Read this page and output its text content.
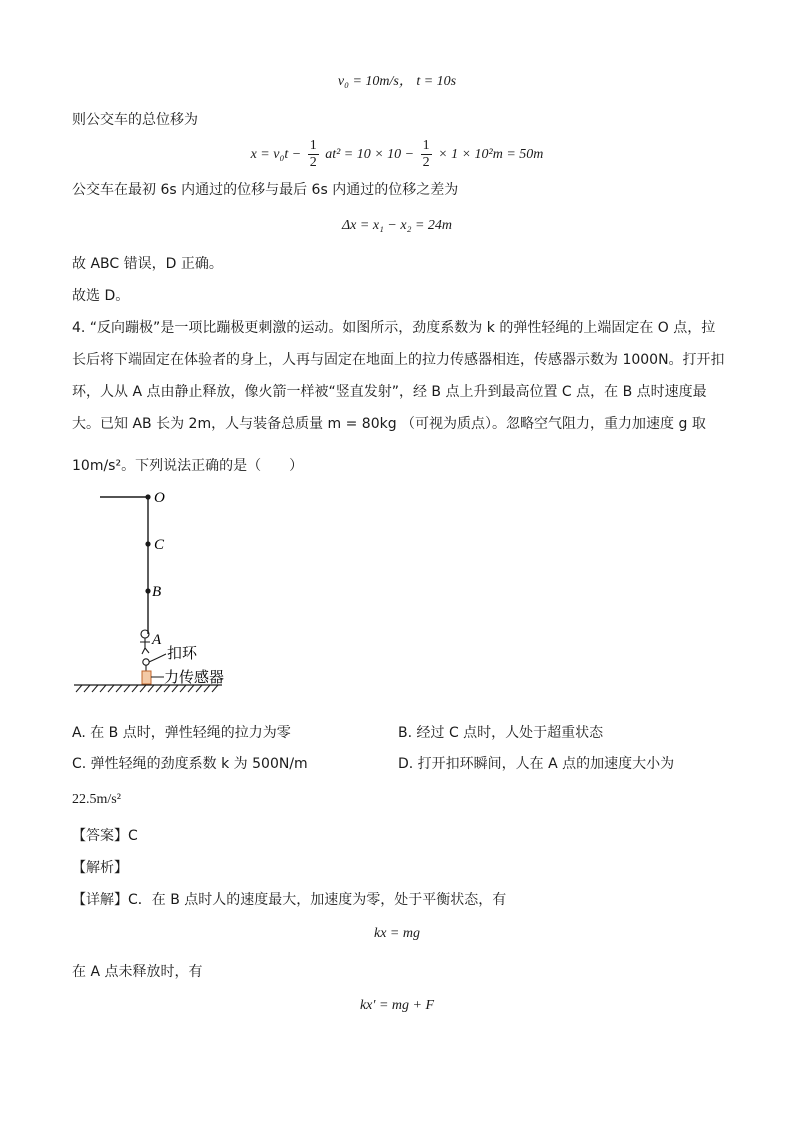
v₀ = 10m/s， t = 10s
则公交车的总位移为
$x = v_0t - \frac{1}{2} at^2 = 10 \times 10 - \frac{1}{2} \times 1 \times 10^2m = 50m$
公交车在最初 6s 内通过的位移与最后 6s 内通过的位移之差为
Δx = x₁ − x₂ = 24m
故 ABC 错误，D 正确。
故选 D。
4. “反向蹦极”是一项比蹦极更刺激的运动。如图所示，劲度系数为 k 的弹性轻绳的上端固定在 O 点，拉
长后将下端固定在体验者的身上，人再与固定在地面上的拉力传感器相连，传感器示数为 1000N。打开扣
环，人从 A 点由静止释放，像火箭一样被“竖直发射”，经 B 点上升到最高位置 C 点，在 B 点时速度最
大。已知 AB 长为 2m，人与装备总质量 m = 80kg （可视为质点）。忽略空气阻力，重力加速度 g 取
10m/s²。下列说法正确的是（　　）
O
C
B
A
扣环
力传感器
A. 在 B 点时，弹性轻绳的拉力为零	B. 经过 C 点时，人处于超重状态
C. 弹性轻绳的劲度系数 k 为 500N/m	D. 打开扣环瞬间，人在 A 点的加速度大小为
22.5m/s²
【答案】C
【解析】
【详解】C．在 B 点时人的速度最大，加速度为零，处于平衡状态，有
kx = mg
在 A 点未释放时，有
kx′ = mg + F
